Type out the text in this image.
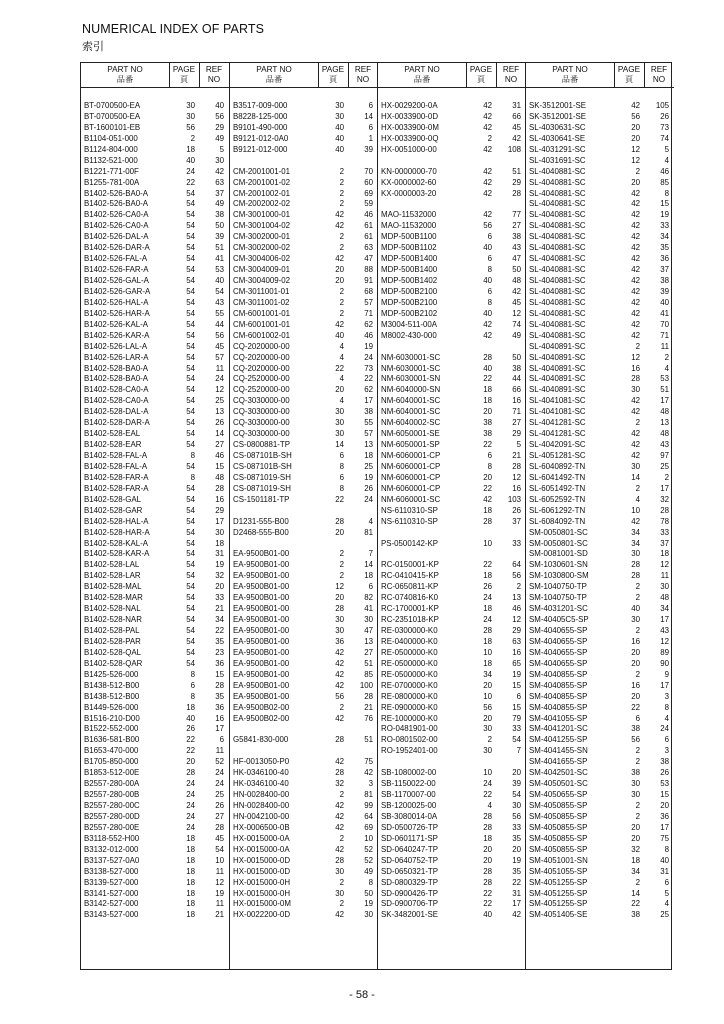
NUMERICAL INDEX OF PARTS
索引
PART NO
品番
PAGE
頁
REF
NO
BT-0700500-EA	30	40
BT-0700500-EA	30	56
BT-1600101-EB	56	29
B1104-051-000	2	49
B1124-804-000	18	5
B1132-521-000	40	30
B1221-771-00F	24	42
B1255-781-00A	22	63
B1402-526-BA0-A	54	37
B1402-526-BA0-A	54	49
B1402-526-CA0-A	54	38
B1402-526-CA0-A	54	50
B1402-526-DAL-A	54	39
B1402-526-DAR-A	54	51
B1402-526-FAL-A	54	41
B1402-526-FAR-A	54	53
B1402-526-GAL-A	54	40
B1402-526-GAR-A	54	54
B1402-526-HAL-A	54	43
B1402-526-HAR-A	54	55
B1402-526-KAL-A	54	44
B1402-526-KAR-A	54	56
B1402-526-LAL-A	54	45
B1402-526-LAR-A	54	57
B1402-528-BA0-A	54	11
B1402-528-BA0-A	54	24
B1402-528-CA0-A	54	12
B1402-528-CA0-A	54	25
B1402-528-DAL-A	54	13
B1402-528-DAR-A	54	26
B1402-528-EAL	54	14
B1402-528-EAR	54	27
B1402-528-FAL-A	8	46
B1402-528-FAL-A	54	15
B1402-528-FAR-A	8	48
B1402-528-FAR-A	54	28
B1402-528-GAL	54	16
B1402-528-GAR	54	29
B1402-528-HAL-A	54	17
B1402-528-HAR-A	54	30
B1402-528-KAL-A	54	18
B1402-528-KAR-A	54	31
B1402-528-LAL	54	19
B1402-528-LAR	54	32
B1402-528-MAL	54	20
B1402-528-MAR	54	33
B1402-528-NAL	54	21
B1402-528-NAR	54	34
B1402-528-PAL	54	22
B1402-528-PAR	54	35
B1402-528-QAL	54	23
B1402-528-QAR	54	36
B1425-526-000	8	15
B1438-512-B00	6	28
B1438-512-B00	8	35
B1449-526-000	18	36
B1516-210-D00	40	16
B1522-552-000	26	17
B1636-581-B00	22	6
B1653-470-000	22	11
B1705-850-000	20	52
B1853-512-00E	28	24
B2557-280-00A	24	24
B2557-280-00B	24	25
B2557-280-00C	24	26
B2557-280-00D	24	27
B2557-280-00E	24	28
B3118-552-H00	18	45
B3132-012-000	18	54
B3137-527-0A0	18	10
B3138-527-000	18	11
B3139-527-000	18	12
B3141-527-000	18	19
B3142-527-000	18	11
B3143-527-000	18	21
PART NO
品番
PAGE
頁
REF
NO
B3517-009-000	30	6
B8228-125-000	30	14
B9101-490-000	40	6
B9121-012-0A0	40	1
B9121-012-000	40	39
CM-2001001-01	2	70
CM-2001001-02	2	60
CM-2001002-01	2	69
CM-2002002-02	2	59
CM-3001000-01	42	46
CM-3001004-02	42	61
CM-3002000-01	2	61
CM-3002000-02	2	63
CM-3004006-02	42	47
CM-3004009-01	20	88
CM-3004009-02	20	91
CM-3011001-01	2	68
CM-3011001-02	2	57
CM-6001001-01	2	71
CM-6001001-01	42	62
CM-6001002-01	40	46
CQ-2020000-00	4	19
CQ-2020000-00	4	24
CQ-2020000-00	22	73
CQ-2520000-00	4	22
CQ-2520000-00	20	62
CQ-3030000-00	4	17
CQ-3030000-00	30	38
CQ-3030000-00	30	55
CQ-3030000-00	30	57
CS-0800881-TP	14	13
CS-087101B-SH	6	18
CS-087101B-SH	8	25
CS-0871019-SH	6	19
CS-0871019-SH	8	26
CS-1501181-TP	22	24
D1231-555-B00	28	4
D2468-555-B00	20	81
EA-9500B01-00	2	7
EA-9500B01-00	2	14
EA-9500B01-00	2	18
EA-9500B01-00	12	6
EA-9500B01-00	20	82
EA-9500B01-00	28	41
EA-9500B01-00	30	30
EA-9500B01-00	30	47
EA-9500B01-00	36	13
EA-9500B01-00	42	27
EA-9500B01-00	42	51
EA-9500B01-00	42	85
EA-9500B01-00	42	100
EA-9500B01-00	56	28
EA-9500B02-00	2	21
EA-9500B02-00	42	76
G5841-830-000	28	51
HF-0013050-P0	42	75
HK-0346100-40	28	42
HK-0346100-40	32	3
HN-0028400-00	2	81
HN-0028400-00	42	99
HN-0042100-00	42	64
HX-0006500-0B	42	69
HX-0015000-0A	2	10
HX-0015000-0A	42	52
HX-0015000-0D	28	52
HX-0015000-0D	30	49
HX-0015000-0H	2	8
HX-0015000-0H	30	50
HX-0015000-0M	2	19
HX-0022200-0D	42	30
PART NO
品番
PAGE
頁
REF
NO
HX-0029200-0A	42	31
HX-0033900-0D	42	66
HX-0033900-0M	42	45
HX-0033900-0Q	2	42
HX-0051000-00	42	108
KN-0000000-70	42	51
KX-0000002-60	42	29
KX-0000003-20	42	28
MAO-11532000	42	77
MAO-11532000	56	27
MDP-500B1100	6	38
MDP-500B1102	40	43
MDP-500B1400	6	47
MDP-500B1400	8	50
MDP-500B1402	40	48
MDP-500B2100	6	42
MDP-500B2100	8	45
MDP-500B2102	40	12
M3004-511-00A	42	74
M8002-430-000	42	49
NM-6030001-SC	28	50
NM-6030001-SC	40	38
NM-6030001-SN	22	44
NM-6040000-SN	18	66
NM-6040001-SC	18	16
NM-6040001-SC	20	71
NM-6040002-SC	38	27
NM-6050001-SE	38	29
NM-6050001-SP	22	5
NM-6060001-CP	6	21
NM-6060001-CP	8	28
NM-6060001-CP	20	12
NM-6060001-CP	22	16
NM-6060001-SC	42	103
NS-6110310-SP	18	26
NS-6110310-SP	28	37
PS-0500142-KP	10	33
RC-0150001-KP	22	64
RC-0410415-KP	18	56
RC-0650811-KP	26	2
RC-0740816-K0	24	13
RC-1700001-KP	18	46
RC-2351018-KP	24	12
RE-0300000-K0	28	29
RE-0400000-K0	18	63
RE-0500000-K0	10	16
RE-0500000-K0	18	65
RE-0500000-K0	34	19
RE-0700000-K0	20	15
RE-0800000-K0	10	6
RE-0900000-K0	56	15
RE-1000000-K0	20	79
RO-0481901-00	30	33
RO-0801502-00	2	54
RO-1952401-00	30	7
SB-1080002-00	10	20
SB-1150022-00	24	39
SB-1170007-00	22	54
SB-1200025-00	4	30
SB-3080014-0A	28	56
SD-0500726-TP	28	33
SD-0601171-SP	18	35
SD-0640247-TP	20	20
SD-0640752-TP	20	19
SD-0650321-TP	28	35
SD-0800329-TP	28	22
SD-0900426-TP	22	31
SD-0900706-TP	22	17
SK-3482001-SE	40	42
PART NO
品番
PAGE
頁
REF
NO
SK-3512001-SE	42	105
SK-3512001-SE	56	26
SL-4030631-SC	20	73
SL-4030641-SE	20	74
SL-4031291-SC	12	5
SL-4031691-SC	12	4
SL-4040881-SC	2	46
SL-4040881-SC	20	85
SL-4040881-SC	42	8
SL-4040881-SC	42	15
SL-4040881-SC	42	19
SL-4040881-SC	42	33
SL-4040881-SC	42	34
SL-4040881-SC	42	35
SL-4040881-SC	42	36
SL-4040881-SC	42	37
SL-4040881-SC	42	38
SL-4040881-SC	42	39
SL-4040881-SC	42	40
SL-4040881-SC	42	41
SL-4040881-SC	42	70
SL-4040881-SC	42	71
SL-4040891-SC	2	11
SL-4040891-SC	12	2
SL-4040891-SC	16	4
SL-4040891-SC	28	53
SL-4040891-SC	30	51
SL-4041081-SC	42	17
SL-4041081-SC	42	48
SL-4041281-SC	2	13
SL-4041281-SC	42	48
SL-4042091-SC	42	43
SL-4051281-SC	42	97
SL-6040892-TN	30	25
SL-6041492-TN	14	2
SL-6051492-TN	2	17
SL-6052592-TN	4	32
SL-6061292-TN	10	28
SL-6084092-TN	42	78
SM-0050801-SC	34	33
SM-0050801-SC	34	37
SM-0081001-SD	30	18
SM-1030601-SN	28	12
SM-1030800-SM	28	11
SM-1040750-TP	2	30
SM-1040750-TP	2	48
SM-4031201-SC	40	34
SM-40405C5-SP	30	17
SM-4040655-SP	2	43
SM-4040655-SP	16	12
SM-4040655-SP	20	89
SM-4040655-SP	20	90
SM-4040855-SP	2	9
SM-4040855-SP	16	17
SM-4040855-SP	20	3
SM-4040855-SP	22	8
SM-4041055-SP	6	4
SM-4041201-SC	38	24
SM-4041255-SP	56	6
SM-4041455-SN	2	3
SM-4041655-SP	2	38
SM-4042501-SC	38	26
SM-4050501-SC	30	53
SM-4050655-SP	30	15
SM-4050855-SP	2	20
SM-4050855-SP	2	36
SM-4050855-SP	20	17
SM-4050855-SP	20	75
SM-4050855-SP	32	8
SM-4051001-SN	18	40
SM-4051055-SP	34	31
SM-4051255-SP	2	6
SM-4051255-SP	14	5
SM-4051255-SP	22	4
SM-4051405-SE	38	25
- 58 -
